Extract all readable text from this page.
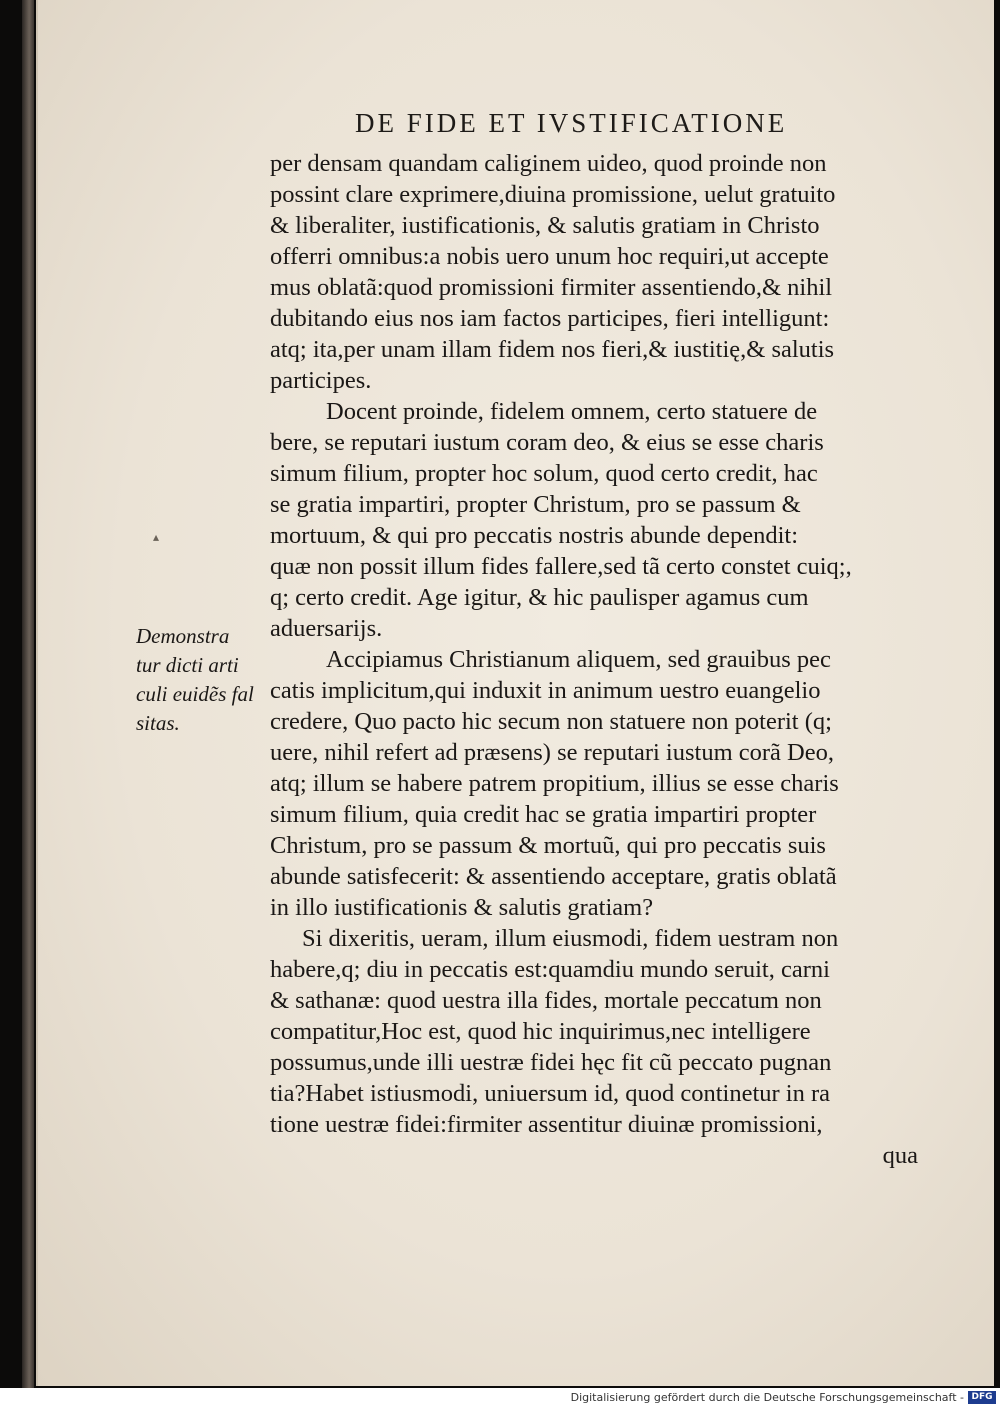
DE FIDE ET IVSTIFICATIONE
▴
Demonstra
tur dicti arti
culi euidẽs fal
sitas.
per densam quandam caliginem uideo, quod proinde non
possint clare exprimere,diuina promissione, uelut gratuito
& liberaliter, iustificationis, & salutis gratiam in Christo
offerri omnibus:a nobis uero unum hoc requiri,ut accepte
mus oblatã:quod promissioni firmiter assentiendo,& nihil
dubitando eius nos iam factos participes, fieri intelligunt:
atq; ita,per unam illam fidem nos fieri,& iustitię,& salutis
participes.
Docent proinde, fidelem omnem, certo statuere de
bere, se reputari iustum coram deo, & eius se esse charis
simum filium, propter hoc solum, quod certo credit, hac
se gratia impartiri, propter Christum, pro se passum &
mortuum, & qui pro peccatis nostris abunde dependit:
quæ non possit illum fides fallere,sed tã certo constet cuiq;,
q; certo credit. Age igitur, & hic paulisper agamus cum
aduersarijs.
Accipiamus Christianum aliquem, sed grauibus pec
catis implicitum,qui induxit in animum uestro euangelio
credere, Quo pacto hic secum non statuere non poterit (q;
uere, nihil refert ad præsens) se reputari iustum corã Deo,
atq; illum se habere patrem propitium, illius se esse charis
simum filium, quia credit hac se gratia impartiri propter
Christum, pro se passum & mortuũ, qui pro peccatis suis
abunde satisfecerit: & assentiendo acceptare, gratis oblatã
in illo iustificationis & salutis gratiam?
Si dixeritis, ueram, illum eiusmodi, fidem uestram non
habere,q; diu in peccatis est:quamdiu mundo seruit, carni
& sathanæ: quod uestra illa fides, mortale peccatum non
compatitur,Hoc est, quod hic inquirimus,nec intelligere
possumus,unde illi uestræ fidei hęc fit cũ peccato pugnan
tia?Habet istiusmodi, uniuersum id, quod continetur in ra
tione uestræ fidei:firmiter assentitur diuinæ promissioni,
qua
Digitalisierung gefördert durch die Deutsche Forschungsgemeinschaft - DFG
